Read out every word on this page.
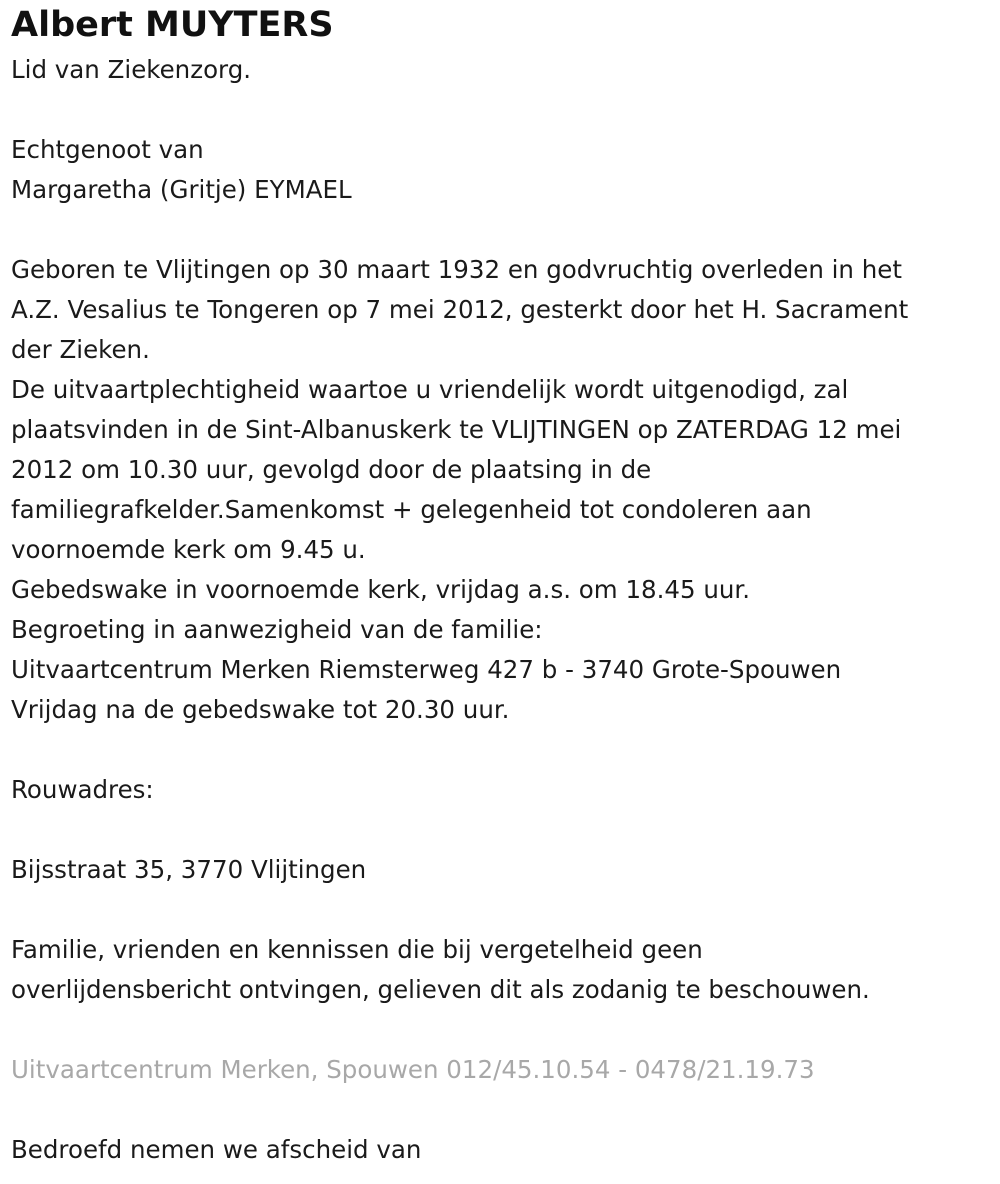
Albert MUYTERS

Lid van Ziekenzorg.

Echtgenoot van

Margaretha (Gritje) EYMAEL

Geboren te Vlijtingen op 30 maart 1932 en godvruchtig overleden in het

A.Z. Vesalius te Tongeren op 7 mei 2012, gesterkt door het H. Sacrament

der Zieken.

De uitvaartplechtigheid waartoe u vriendelijk wordt uitgenodigd, zal

plaatsvinden in de Sint-Albanuskerk te VLIJTINGEN op ZATERDAG 12 mei

2012 om 10.30 uur, gevolgd door de plaatsing in de

familiegrafkelder.Samenkomst + gelegenheid tot condoleren aan

voornoemde kerk om 9.45 u.

Gebedswake in voornoemde kerk, vrijdag a.s. om 18.45 uur.

Begroeting in aanwezigheid van de familie:

Uitvaartcentrum Merken Riemsterweg 427 b - 3740 Grote-Spouwen

Vrijdag na de gebedswake tot 20.30 uur.

Rouwadres:

Bijsstraat 35, 3770 Vlijtingen

Familie, vrienden en kennissen die bij vergetelheid geen

overlijdensbericht ontvingen, gelieven dit als zodanig te beschouwen.

Uitvaartcentrum Merken, Spouwen 012/45.10.54 - 0478/21.19.73

Bedroefd nemen we afscheid van
